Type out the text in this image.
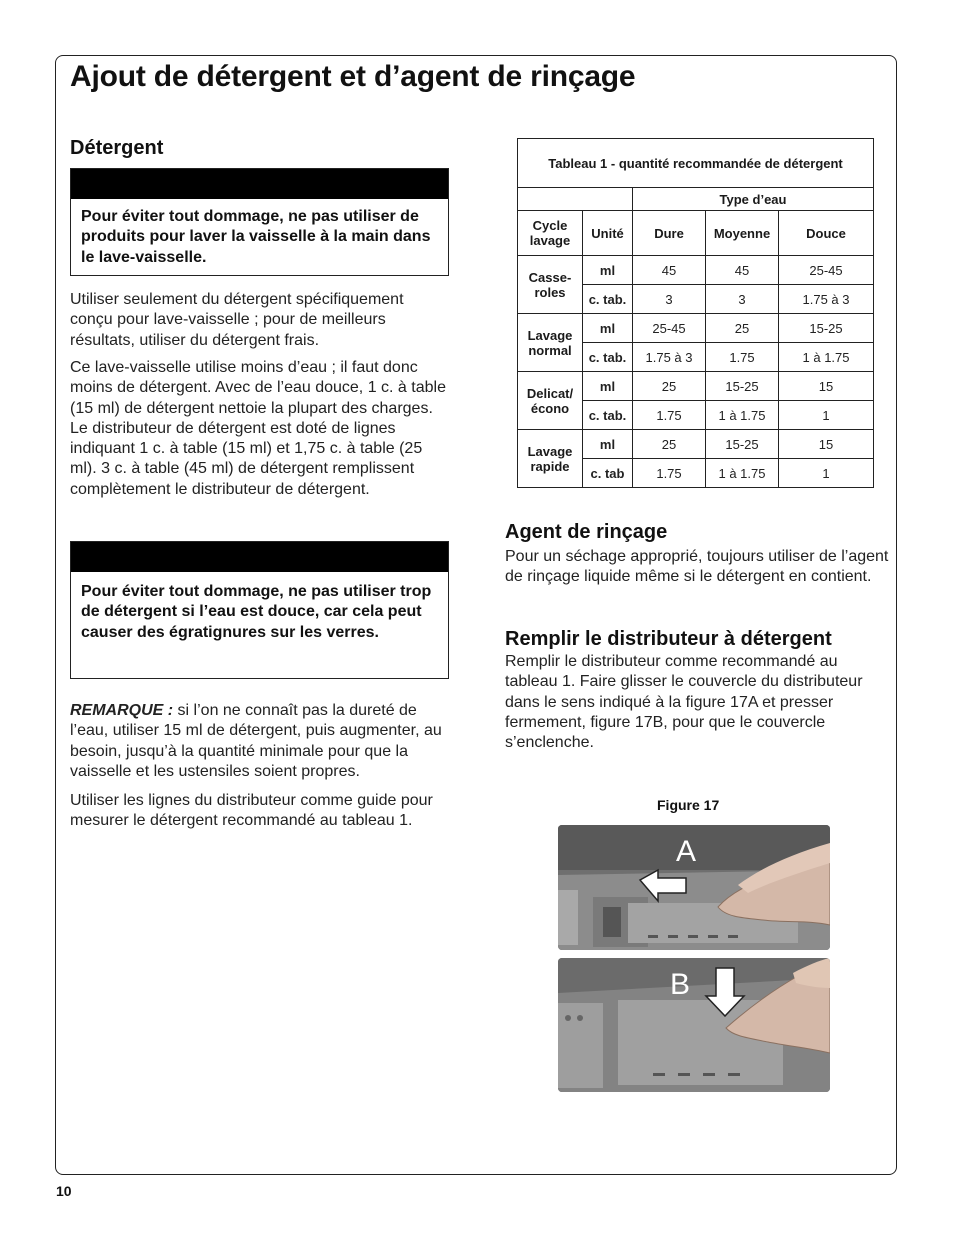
Ajout de détergent et d’agent de rinçage
Détergent

Pour éviter tout dommage, ne pas utiliser de produits pour laver la vaisselle à la main dans le lave-vaisselle.

Utiliser seulement du détergent spécifiquement conçu pour lave-vaisselle ; pour de meilleurs résultats, utiliser du détergent frais.

Ce lave-vaisselle utilise moins d’eau ; il faut donc moins de détergent. Avec de l’eau douce, 1 c. à table (15 ml) de détergent nettoie la plupart des charges. Le distributeur de détergent est doté de lignes indiquant 1 c. à table (15 ml) et 1,75 c. à table (25 ml). 3 c. à table (45 ml) de détergent remplissent complètement le distributeur de détergent.

Pour éviter tout dommage, ne pas utiliser trop de détergent si l’eau est douce, car cela peut causer des égratignures sur les verres.

REMARQUE : si l’on ne connaît pas la dureté de l’eau, utiliser 15 ml de détergent, puis augmenter, au besoin, jusqu’à la quantité minimale pour que la vaisselle et les ustensiles soient propres.

Utiliser les lignes du distributeur comme guide pour mesurer le détergent recommandé au tableau 1.

Tableau 1 - quantité recommandée de détergent				
		Type d’eau		
Cycle lavage	Unité	Dure	Moyenne	Douce
Casse-roles	ml	45	45	25-45
	c. tab.	3	3	1.75 à 3
Lavage normal	ml	25-45	25	15-25
	c. tab.	1.75 à 3	1.75	1 à 1.75
Delicat/ écono	ml	25	15-25	15
	c. tab.	1.75	1 à 1.75	1
Lavage rapide	ml	25	15-25	15
	c. tab	1.75	1 à 1.75	1
Agent de rinçage

Pour un séchage approprié, toujours utiliser de l’agent de rinçage liquide même si le détergent en contient.

Remplir le distributeur à détergent

Remplir le distributeur comme recommandé au tableau 1. Faire glisser le couvercle du distributeur dans le sens indiqué à la figure 17A et presser fermement, figure 17B, pour que le couvercle s’enclenche.

Figure 17
A
B
10
